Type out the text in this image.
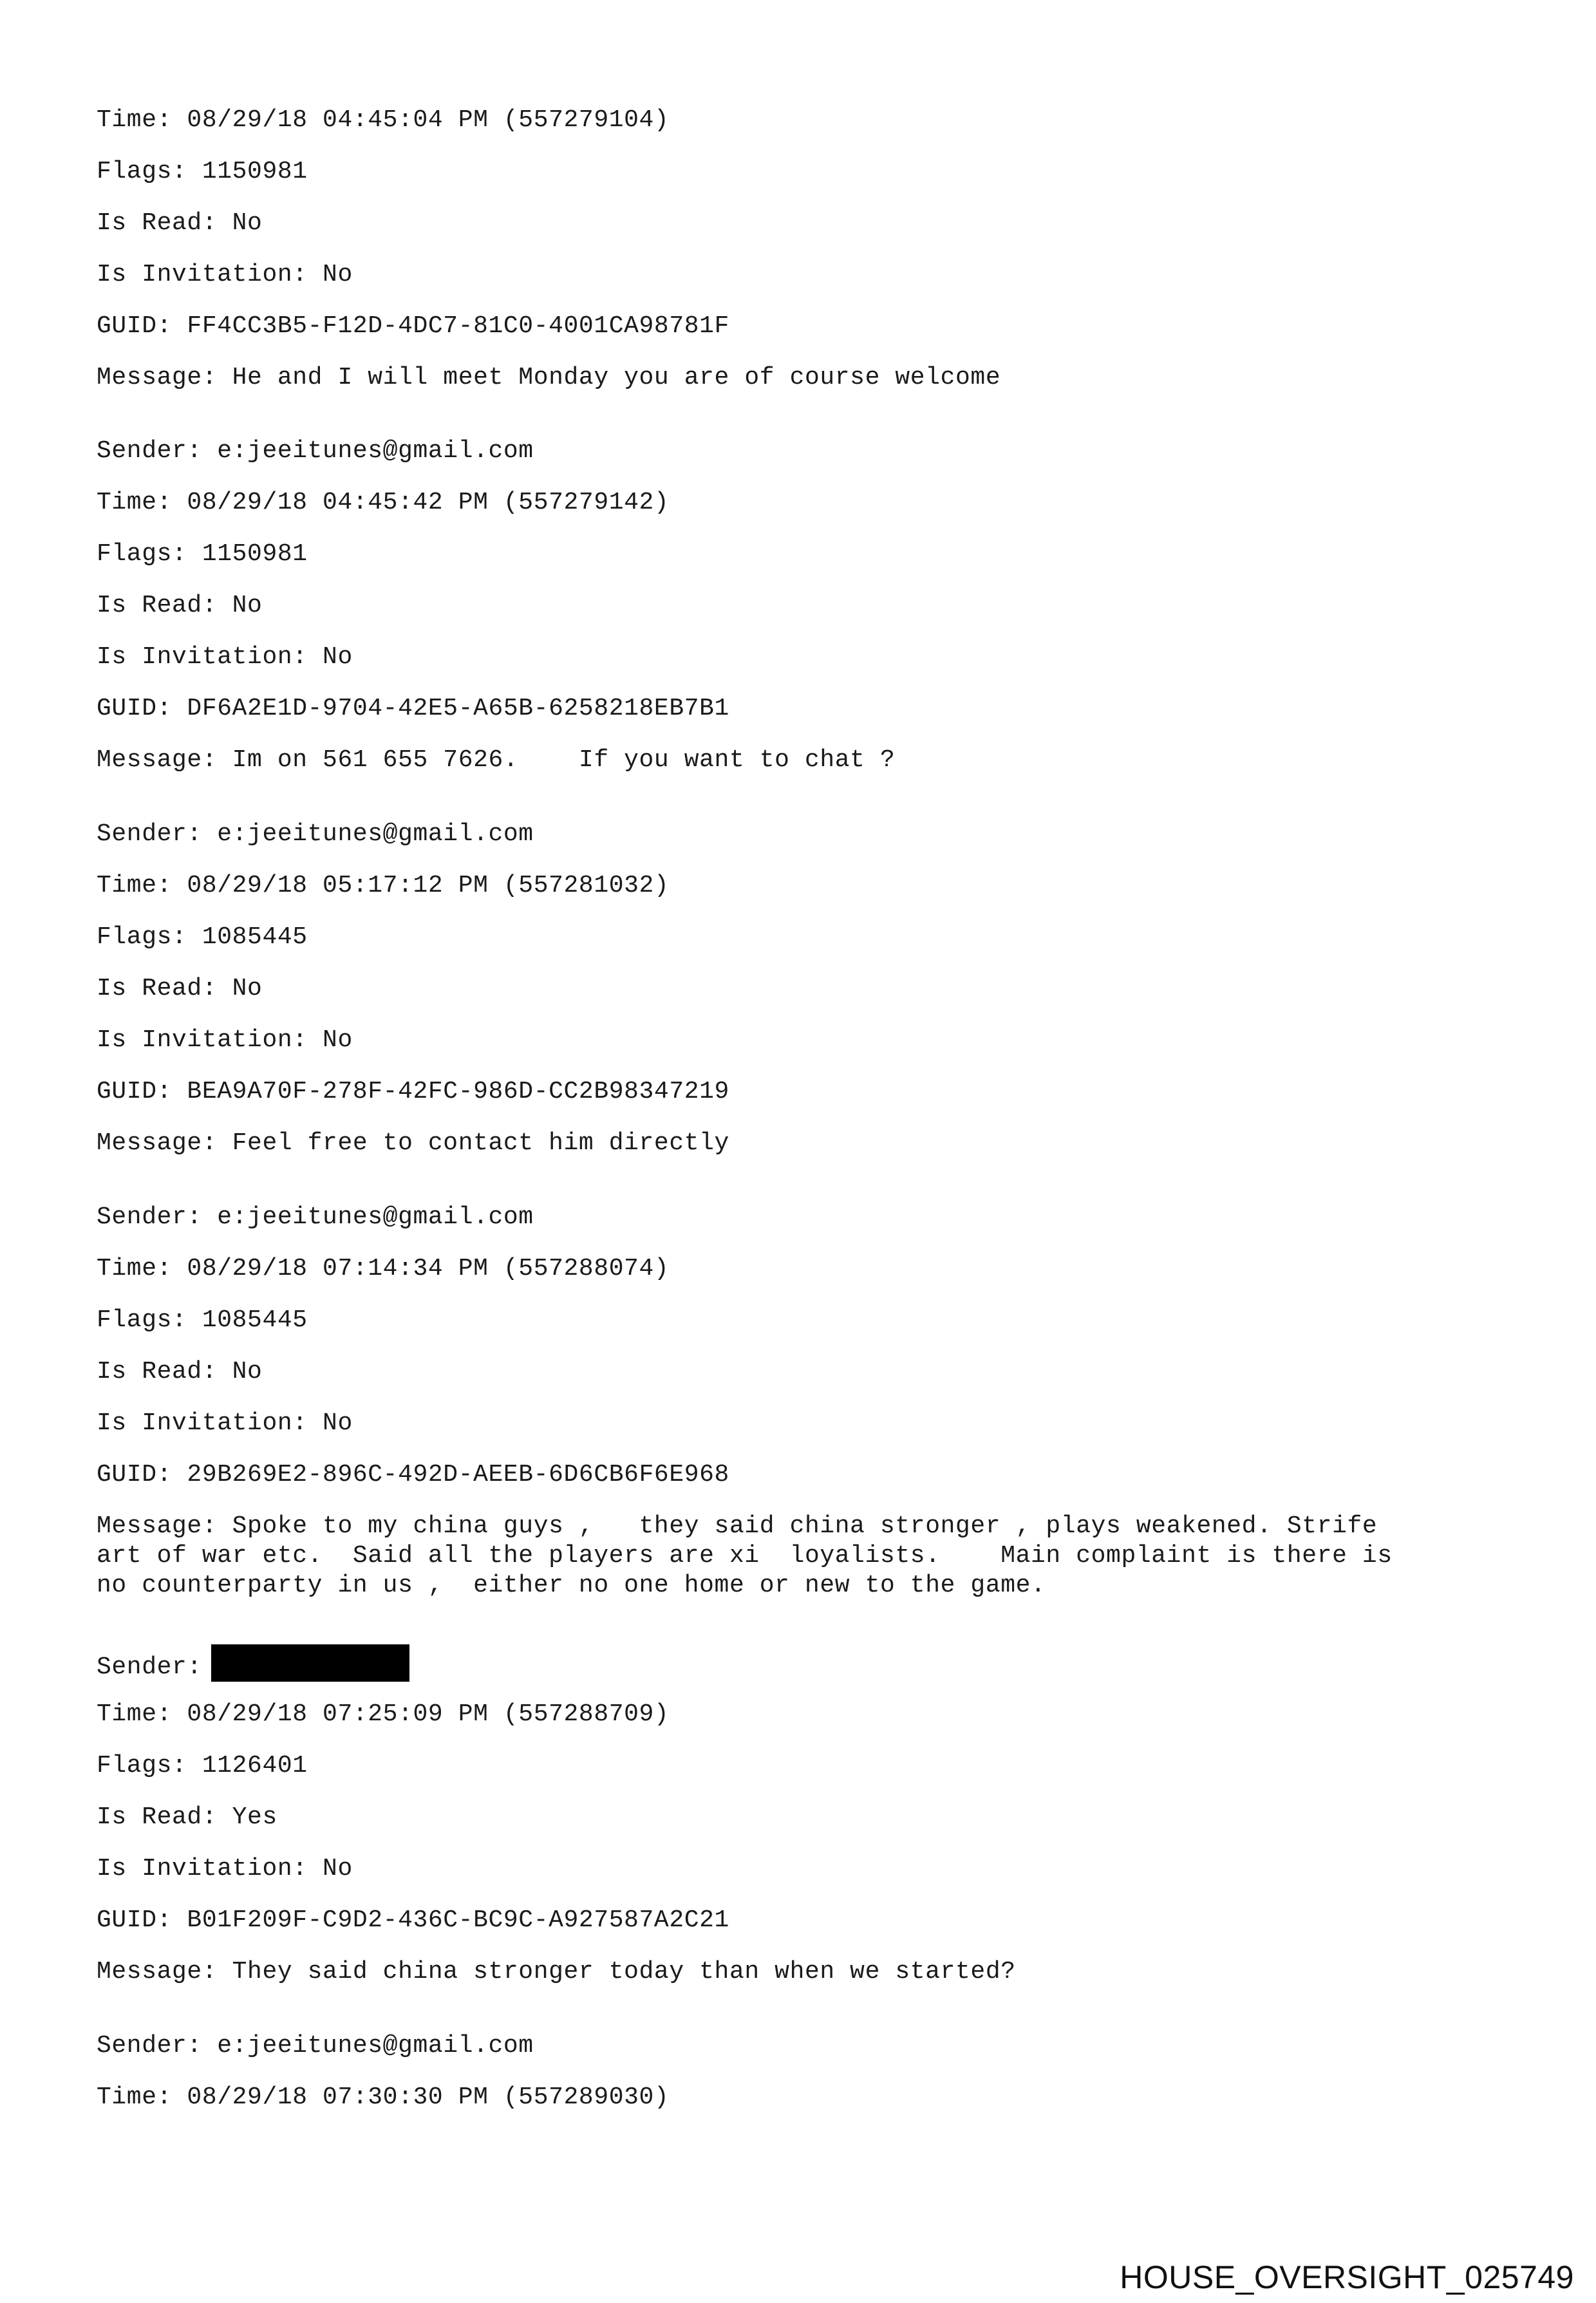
Time: 08/29/18 04:45:04 PM (557279104)
Flags: 1150981
Is Read: No
Is Invitation: No
GUID: FF4CC3B5-F12D-4DC7-81C0-4001CA98781F
Message: He and I will meet Monday you are of course welcome
Sender: e:jeeitunes@gmail.com
Time: 08/29/18 04:45:42 PM (557279142)
Flags: 1150981
Is Read: No
Is Invitation: No
GUID: DF6A2E1D-9704-42E5-A65B-6258218EB7B1
Message: Im on 561 655 7626.    If you want to chat ?
Sender: e:jeeitunes@gmail.com
Time: 08/29/18 05:17:12 PM (557281032)
Flags: 1085445
Is Read: No
Is Invitation: No
GUID: BEA9A70F-278F-42FC-986D-CC2B98347219
Message: Feel free to contact him directly
Sender: e:jeeitunes@gmail.com
Time: 08/29/18 07:14:34 PM (557288074)
Flags: 1085445
Is Read: No
Is Invitation: No
GUID: 29B269E2-896C-492D-AEEB-6D6CB6F6E968
Message: Spoke to my china guys ,   they said china stronger , plays weakened. Strife
art of war etc.  Said all the players are xi  loyalists.    Main complaint is there is
no counterparty in us ,  either no one home or new to the game.
Sender:
Time: 08/29/18 07:25:09 PM (557288709)
Flags: 1126401
Is Read: Yes
Is Invitation: No
GUID: B01F209F-C9D2-436C-BC9C-A927587A2C21
Message: They said china stronger today than when we started?
Sender: e:jeeitunes@gmail.com
Time: 08/29/18 07:30:30 PM (557289030)
HOUSE_OVERSIGHT_025749
